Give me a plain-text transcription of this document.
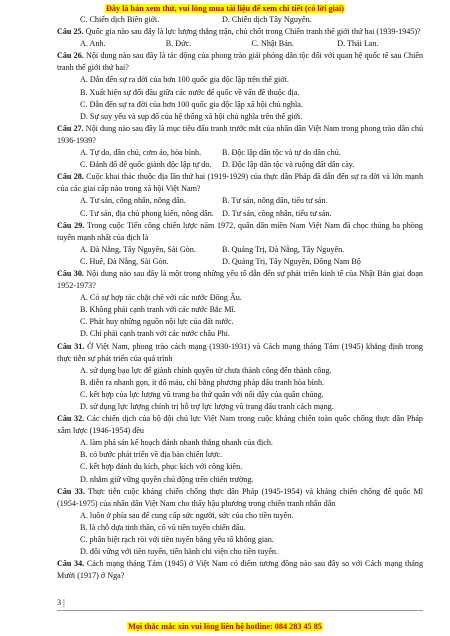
Đây là bản xem thử, vui lòng mua tài liệu để xem chi tiết (có lời giải)
C. Chiến dịch Biên giới.	D. Chiến dịch Tây Nguyên.

Câu 25. Quốc gia nào sau đây là lực lượng thắng trận, chủ chốt trong Chiến tranh thế giới thứ hai (1939-1945)?

A. Anh.	B. Đức.	C. Nhật Bản.	D. Thái Lan.

Câu 26. Nội dung nào sau đây là tác động của phong trào giải phóng dân tộc đối với quan hệ quốc tế sau Chiến tranh thế giới thứ hai?

A. Dẫn đến sự ra đời của hơn 100 quốc gia độc lập trên thế giới.
B. Xuất hiện sự đối đầu giữa các nước để quốc về vấn đề thuộc địa.
C. Dẫn đến sự ra đời của hơn 100 quốc gia độc lập xã hội chủ nghĩa.
D. Sự suy yếu và sụp đổ của hệ thống xã hội chủ nghĩa trên thế giới.

Câu 27. Nội dung nào sau đây là mục tiêu đấu tranh trước mắt của nhân dân Việt Nam trong phong trào dân chủ 1936-1939?

A. Tự do, dân chủ, cơm áo, hòa bình.	B. Độc lập dân tộc và tự do dân chủ.
C. Đánh đổ đế quốc giành độc lập tự do.	D. Độc lập dân tộc và ruộng đất dân cày.

Câu 28. Cuộc khai thác thuộc địa lần thứ hai (1919-1929) của thực dân Pháp đã dẫn đến sự ra đời và lớn mạnh của các giai cấp nào trong xã hội Việt Nam?

A. Tư sản, công nhân, nông dân.	B. Tư sản, nông dân, tiểu tư sản.
C. Tư sản, địa chủ phong kiến, nông dân.	D. Tư sản, công nhân, tiểu tư sản.

Câu 29. Trong cuộc Tiến công chiến lược năm 1972, quân dân miền Nam Việt Nam đã chọc thủng ba phòng tuyến mạnh nhất của địch là

A. Đà Nẵng, Tây Nguyên, Sài Gòn.	B. Quảng Trị, Đà Nẵng, Tây Nguyên.
C. Huế, Đà Nẵng, Sài Gòn.	D. Quảng Trị, Tây Nguyên, Đông Nam Bộ

Câu 30. Nội dung nào sau đây là một trong những yếu tố dẫn đến sự phát triển kinh tế của Nhật Bản giai đoạn 1952-1973?

A. Có sự hợp tác chặt chẽ với các nước Đông Âu.
B. Không phải cạnh tranh với các nước Bắc Mĩ.
C. Phát huy những nguồn nội lực của đất nước.
D. Chỉ phải cạnh tranh với các nước châu Phi.

Câu 31. Ở Việt Nam, phong trào cách mạng (1930-1931) và Cách mạng tháng Tám (1945) khẳng định trong thực tiễn sự phát triển của quá trình

A. sử dụng bạo lực để giành chính quyền từ chưa thành công đến thành công.
B. diễn ra nhanh gọn, ít đổ máu, chỉ bằng phương pháp đấu tranh hòa bình.
C. kết hợp của lực lượng vũ trang ba thứ quân với nổi dậy của quần chúng.
D. sử dụng lực lượng chính trị hỗ trợ lực lượng vũ trang đấu tranh cách mạng.

Câu 32. Các chiến dịch của bộ đội chủ lực Việt Nam trong cuộc kháng chiến toàn quốc chống thực dân Pháp xâm lược (1946-1954) đều

A. làm phá sản kế hoạch đánh nhanh thắng nhanh của địch.
B. có bước phát triển về địa bàn chiến lược.
C. kết hợp đánh du kích, phục kích với công kiên.
D. nhằm giữ vững quyền chủ động trên chiến trường.

Câu 33. Thực tiễn cuộc kháng chiến chống thực dân Pháp (1945-1954) và kháng chiến chống đế quốc Mĩ (1954-1975) của nhân dân Việt Nam cho thấy hậu phương trong chiến tranh nhân dân

A. luôn ở phía sau để cung cấp sức người, sức của cho tiền tuyến.
B. là chỗ dựa tinh thần, cổ vũ tiền tuyến chiến đấu.
C. phân biệt rạch ròi với tiền tuyến bằng yếu tố không gian.
D. đôi vững với tiền tuyến, tiến hành chi viện cho tiền tuyến.

Câu 34. Cách mạng tháng Tám (1945) ở Việt Nam có điểm tương đồng nào sau đây so với Cách mạng tháng Mười (1917) ở Nga?

3 |
Mọi thắc mắc xin vui lòng liên hệ hotline: 084 283 45 85
